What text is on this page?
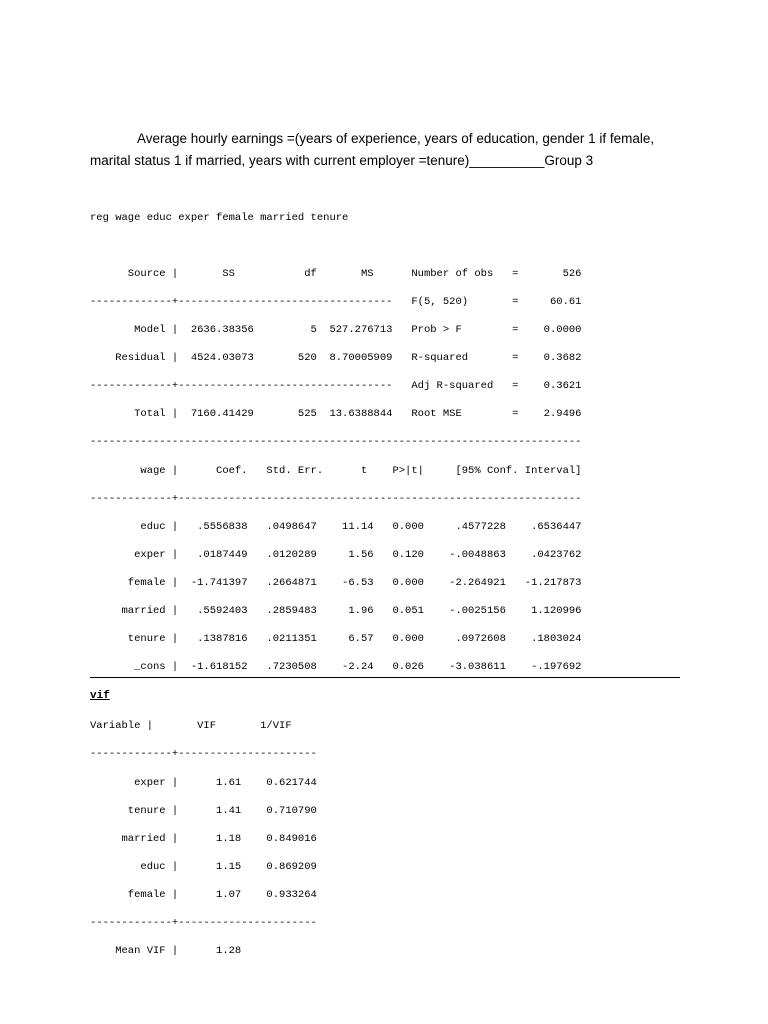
Average hourly earnings =(years of experience, years of education, gender 1 if female, marital status 1 if married, years with current employer =tenure)__________Group 3

reg wage educ exper female married tenure
Source |       SS           df       MS      Number of obs   =       526
-------------+----------------------------------   F(5, 520)       =     60.61
Model |  2636.38356         5  527.276713   Prob > F        =    0.0000
Residual |  4524.03073       520  8.70005909   R-squared       =    0.3682
-------------+----------------------------------   Adj R-squared   =    0.3621
Total |  7160.41429       525  13.6388844   Root MSE        =    2.9496
------------------------------------------------------------------------------
wage |      Coef.   Std. Err.      t    P>|t|     [95% Conf. Interval]
-------------+----------------------------------------------------------------
educ |   .5556838   .0498647    11.14   0.000     .4577228    .6536447
exper |   .0187449   .0120289     1.56   0.120    -.0048863    .0423762
female |  -1.741397   .2664871    -6.53   0.000    -2.264921   -1.217873
married |   .5592403   .2859483     1.96   0.051    -.0025156    1.120996
tenure |   .1387816   .0211351     6.57   0.000     .0972608    .1803024
_cons |  -1.618152   .7230508    -2.24   0.026    -3.038611    -.197692
vif
Variable |       VIF       1/VIF
-------------+----------------------
exper |      1.61    0.621744
tenure |      1.41    0.710790
married |      1.18    0.849016
educ |      1.15    0.869209
female |      1.07    0.933264
-------------+----------------------
Mean VIF |      1.28
